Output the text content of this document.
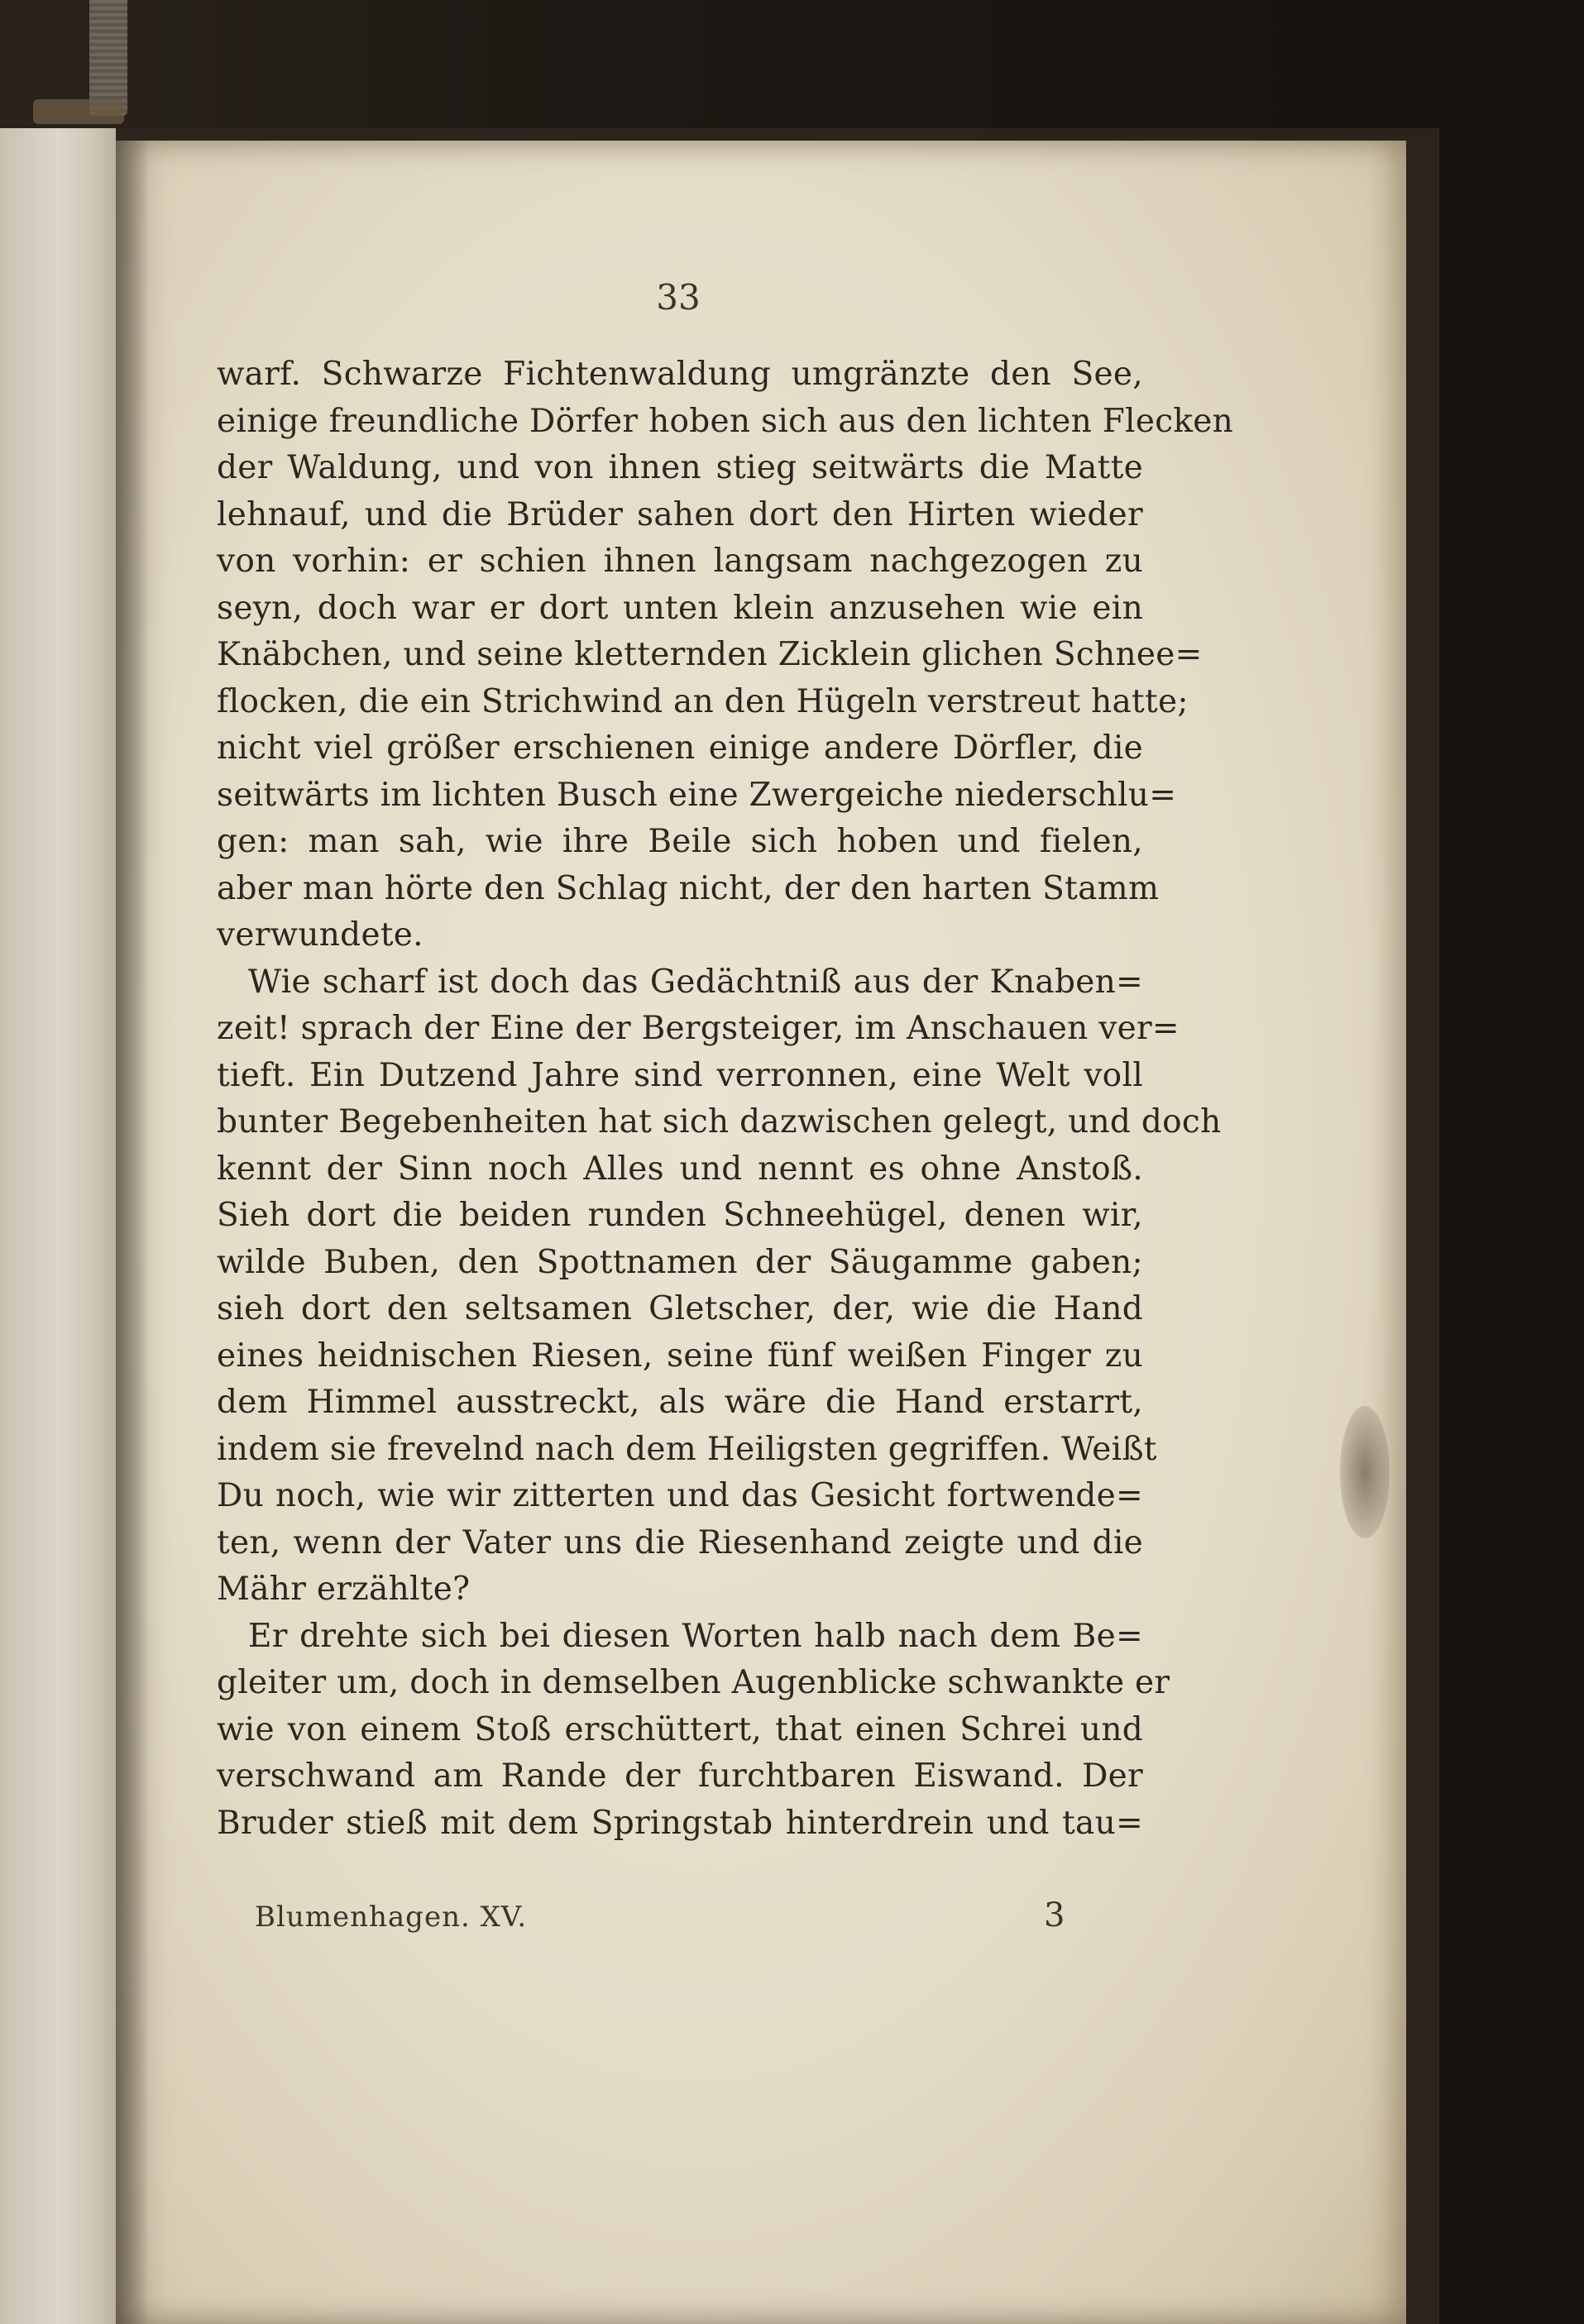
33
warf. Schwarze Fichtenwaldung umgränzte den See,
einige freundliche Dörfer hoben sich aus den lichten Flecken
der Waldung, und von ihnen stieg seitwärts die Matte
lehnauf, und die Brüder sahen dort den Hirten wieder
von vorhin: er schien ihnen langsam nachgezogen zu
seyn, doch war er dort unten klein anzusehen wie ein
Knäbchen, und seine kletternden Zicklein glichen Schnee=
flocken, die ein Strichwind an den Hügeln verstreut hatte;
nicht viel größer erschienen einige andere Dörfler, die
seitwärts im lichten Busch eine Zwergeiche niederschlu=
gen: man sah, wie ihre Beile sich hoben und fielen,
aber man hörte den Schlag nicht, der den harten Stamm
verwundete.
Wie scharf ist doch das Gedächtniß aus der Knaben=
zeit! sprach der Eine der Bergsteiger, im Anschauen ver=
tieft. Ein Dutzend Jahre sind verronnen, eine Welt voll
bunter Begebenheiten hat sich dazwischen gelegt, und doch
kennt der Sinn noch Alles und nennt es ohne Anstoß.
Sieh dort die beiden runden Schneehügel, denen wir,
wilde Buben, den Spottnamen der Säugamme gaben;
sieh dort den seltsamen Gletscher, der, wie die Hand
eines heidnischen Riesen, seine fünf weißen Finger zu
dem Himmel ausstreckt, als wäre die Hand erstarrt,
indem sie frevelnd nach dem Heiligsten gegriffen. Weißt
Du noch, wie wir zitterten und das Gesicht fortwende=
ten, wenn der Vater uns die Riesenhand zeigte und die
Mähr erzählte?
Er drehte sich bei diesen Worten halb nach dem Be=
gleiter um, doch in demselben Augenblicke schwankte er
wie von einem Stoß erschüttert, that einen Schrei und
verschwand am Rande der furchtbaren Eiswand. Der
Bruder stieß mit dem Springstab hinterdrein und tau=
Blumenhagen. XV.	3
